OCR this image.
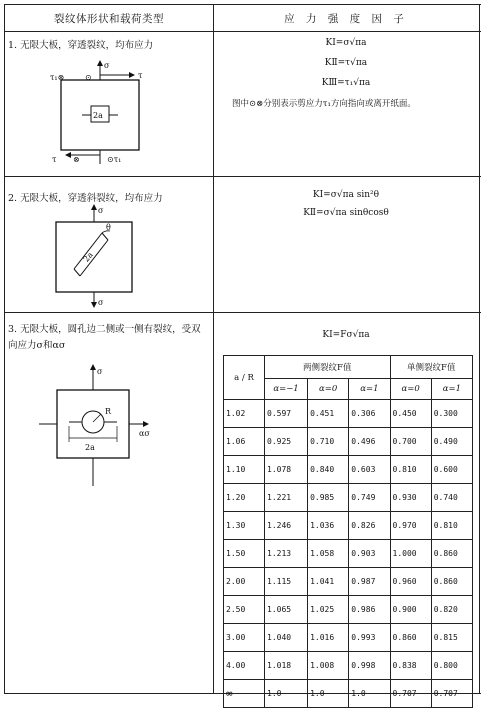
裂纹体形状和载荷类型	应 力 强 度 因 子
1. 无限大板，穿透裂纹，均布应力
σ
τ₁⊗	⊙	τ
2a
τ ⊗	⊙τ₁
KⅠ=σ√πa
KⅡ=τ√πa
KⅢ=τ₁√πa
图中⊙⊗分别表示剪应力τ₁方向指向或离开纸面。
2. 无限大板，穿透斜裂纹，均布应力
σ
θ
2a
σ
KⅠ=σ√πa sin²θ
KⅡ=σ√πa sinθcosθ
3. 无限大板，圆孔边二侧或一侧有裂纹，受双向应力σ和ασ
σ
ασ
R
2a
KⅠ=Fσ√πa
a / R	两侧裂纹F值			单侧裂纹F值	
	α=−1	α=0	α=1	α=0	α=1
1.02	0.597	0.451	0.306	0.450	0.300
1.06	0.925	0.710	0.496	0.700	0.490
1.10	1.078	0.840	0.603	0.810	0.600
1.20	1.221	0.985	0.749	0.930	0.740
1.30	1.246	1.036	0.826	0.970	0.810
1.50	1.213	1.058	0.903	1.000	0.860
2.00	1.115	1.041	0.987	0.960	0.860
2.50	1.065	1.025	0.986	0.900	0.820
3.00	1.040	1.016	0.993	0.860	0.815
4.00	1.018	1.008	0.998	0.838	0.800
∞	1.0	1.0	1.0	0.707	0.707
